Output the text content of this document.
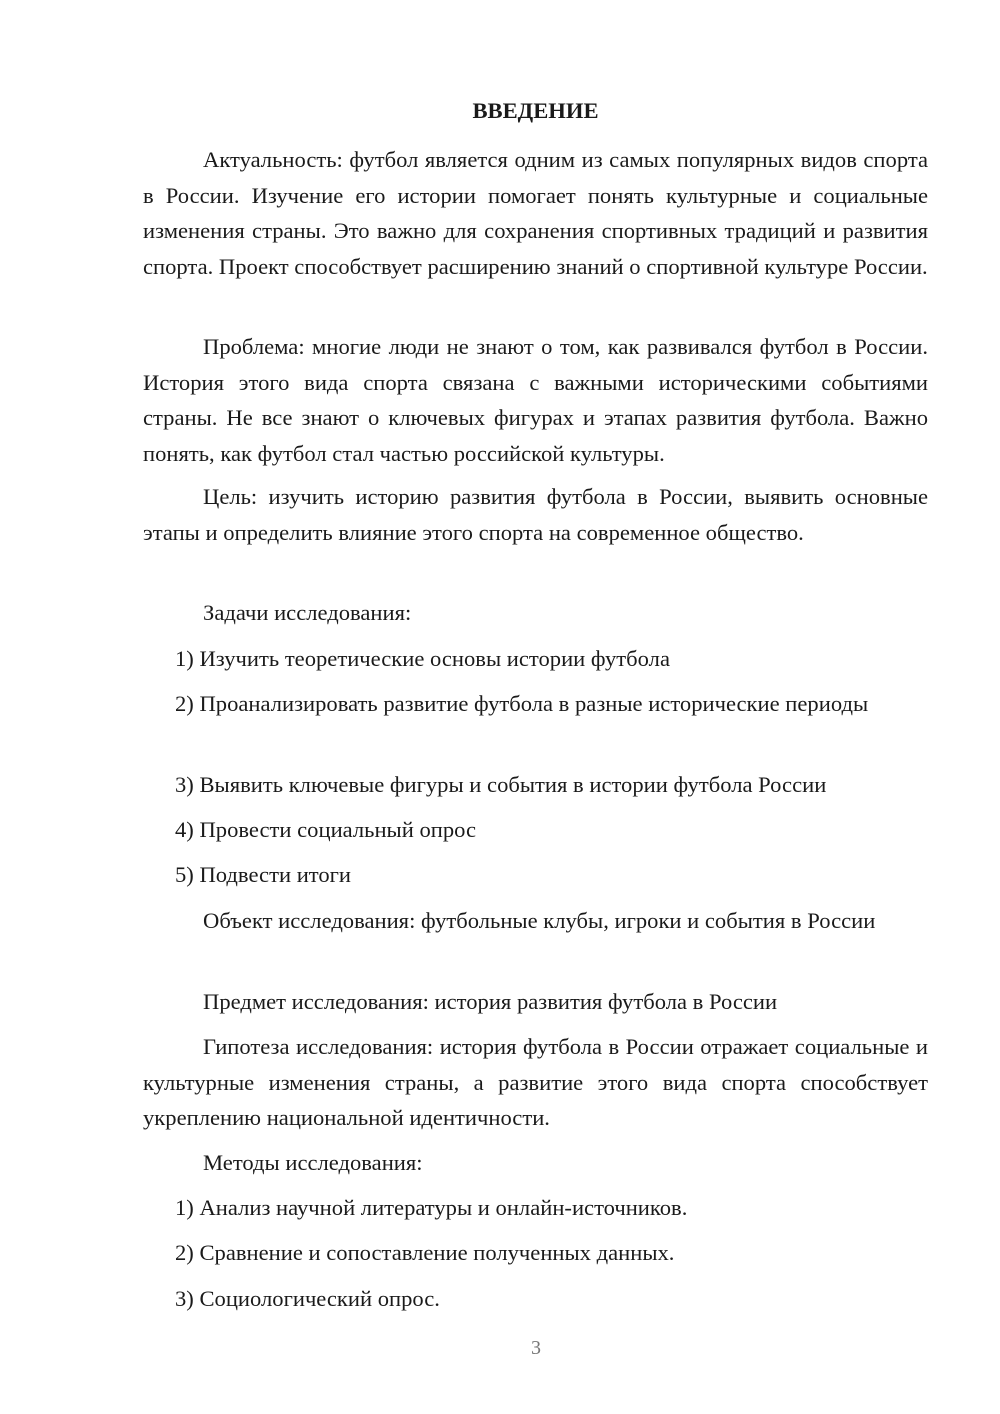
ВВЕДЕНИЕ

Актуальность: футбол является одним из самых популярных видов спорта в России. Изучение его истории помогает понять культурные и социальные изменения страны. Это важно для сохранения спортивных традиций и развития спорта. Проект способствует расширению знаний о спортивной культуре России.

Проблема: многие люди не знают о том, как развивался футбол в России. История этого вида спорта связана с важными историческими событиями страны. Не все знают о ключевых фигурах и этапах развития футбола. Важно понять, как футбол стал частью российской культуры.

Цель: изучить историю развития футбола в России, выявить основные этапы и определить влияние этого спорта на современное общество.

Задачи исследования:

1) Изучить теоретические основы истории футбола

2) Проанализировать развитие футбола в разные исторические периоды

3) Выявить ключевые фигуры и события в истории футбола России

4) Провести социальный опрос

5) Подвести итоги

Объект исследования: футбольные клубы, игроки и события в России

Предмет исследования: история развития футбола в России

Гипотеза исследования: история футбола в России отражает социальные и культурные изменения страны, а развитие этого вида спорта способствует укреплению национальной идентичности.

Методы исследования:

1) Анализ научной литературы и онлайн-источников.

2) Сравнение и сопоставление полученных данных.

3) Социологический опрос.

3
